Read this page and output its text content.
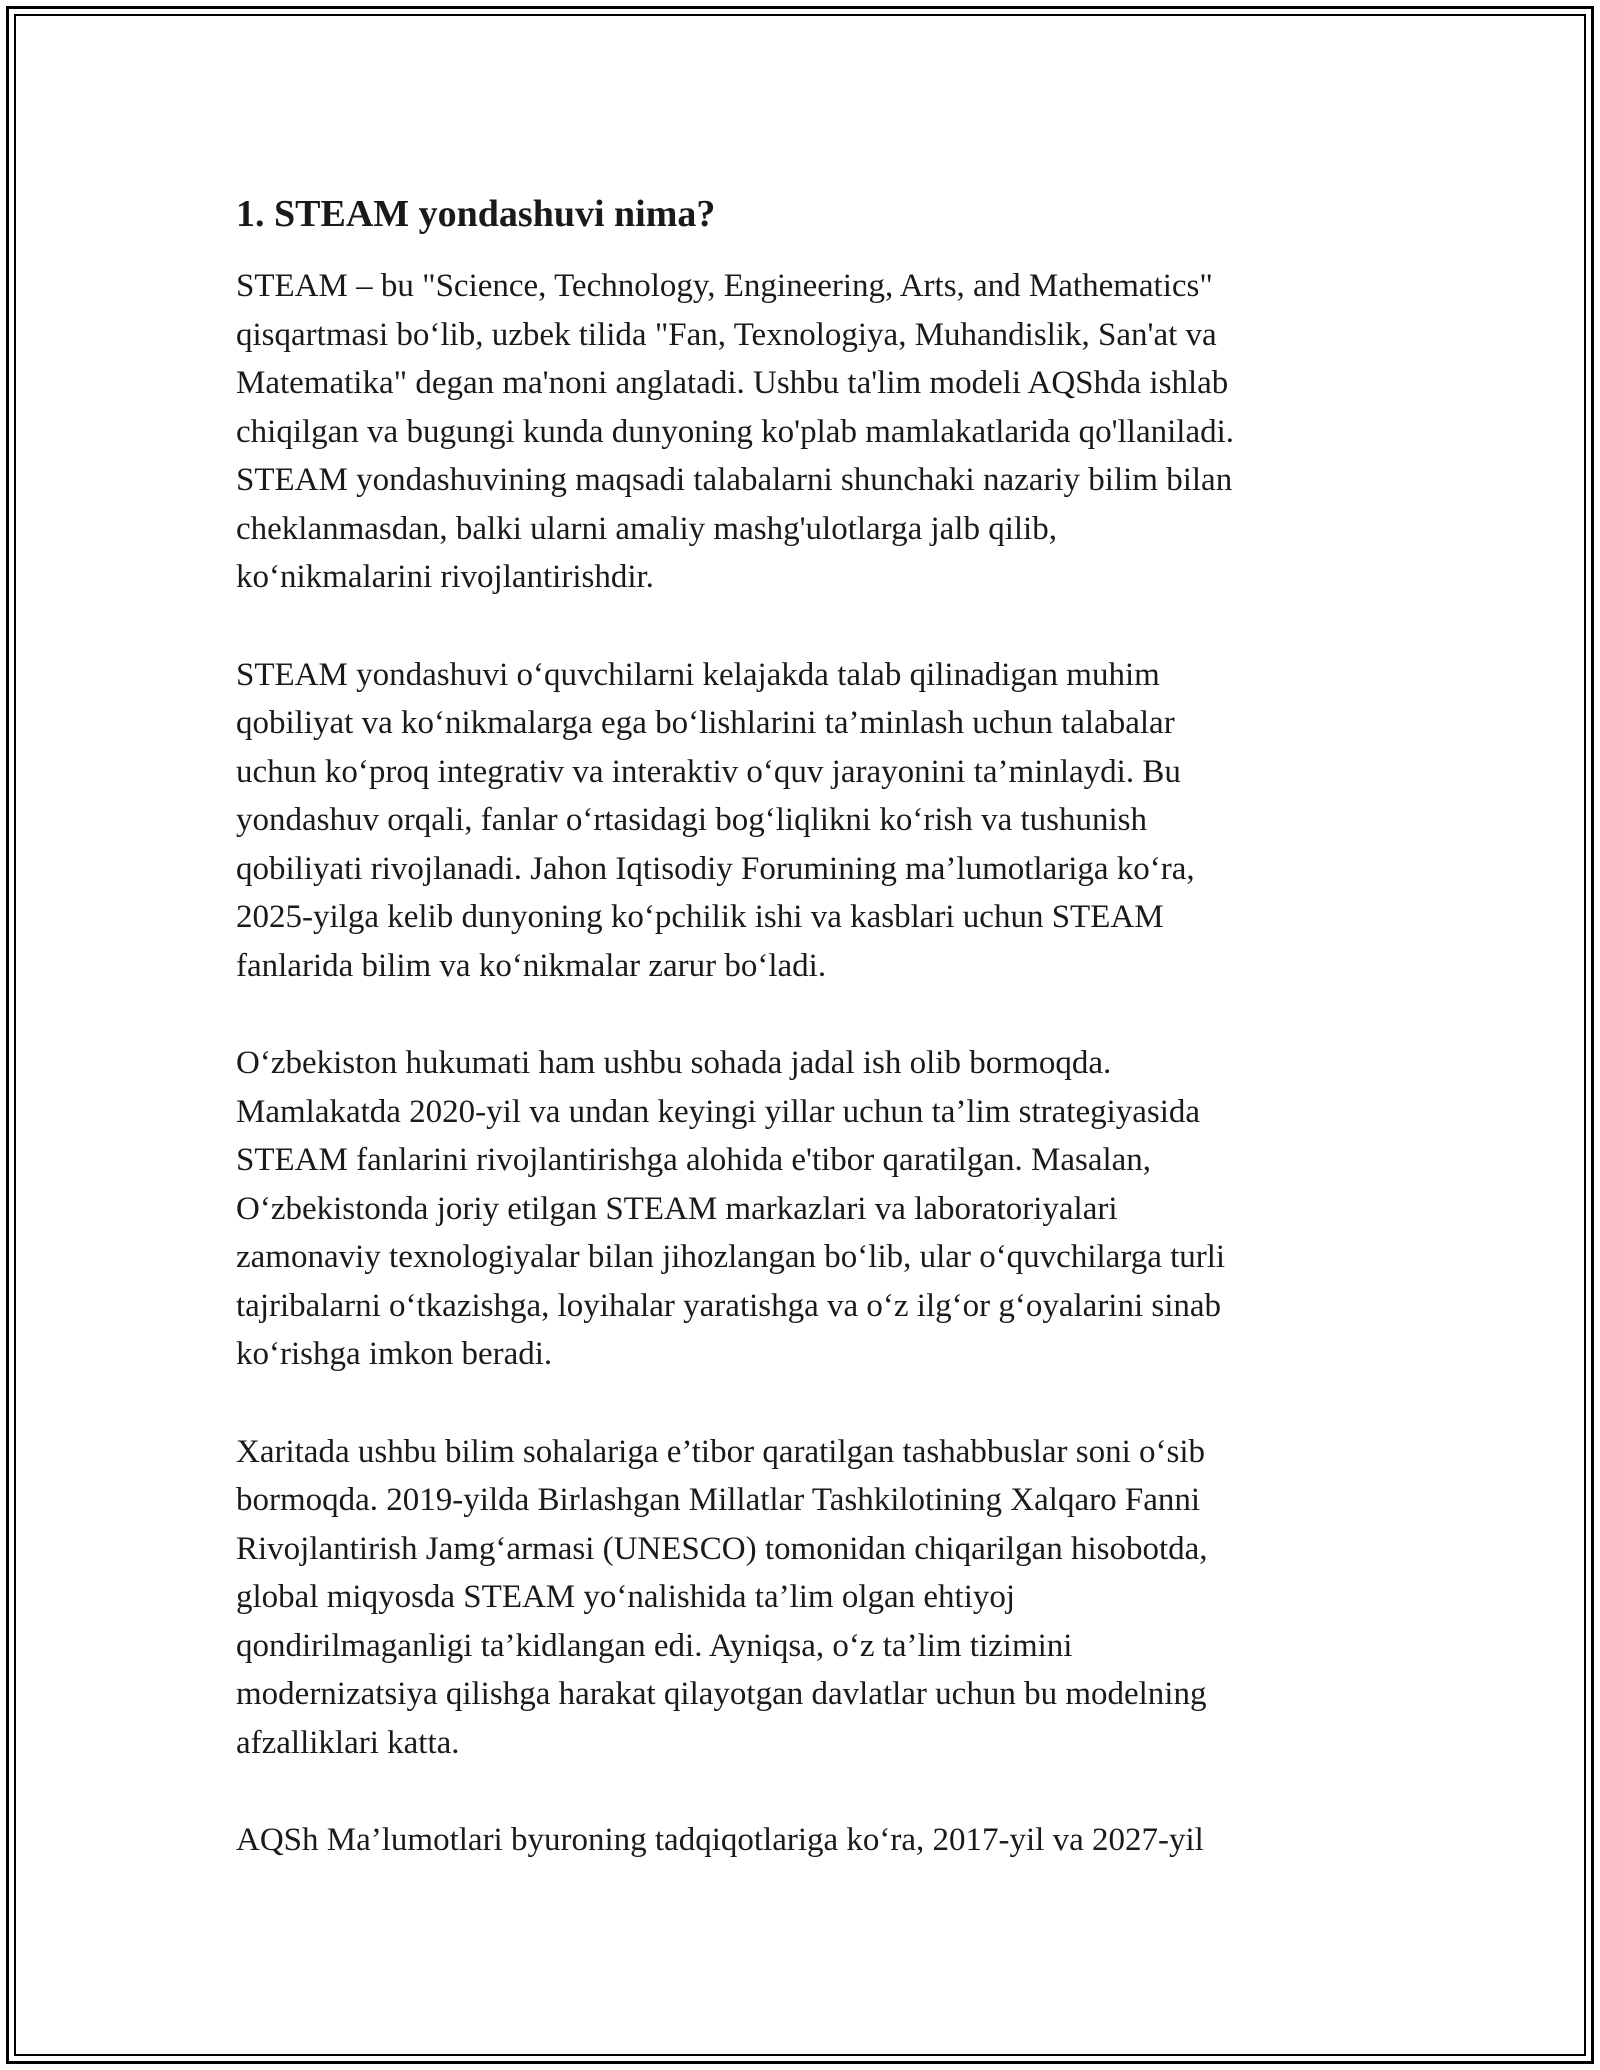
1. STEAM yondashuvi nima?

STEAM – bu "Science, Technology, Engineering, Arts, and Mathematics"
qisqartmasi bo‘lib, uzbek tilida "Fan, Texnologiya, Muhandislik, San'at va
Matematika" degan ma'noni anglatadi. Ushbu ta'lim modeli AQShda ishlab
chiqilgan va bugungi kunda dunyoning ko'plab mamlakatlarida qo'llaniladi.
STEAM yondashuvining maqsadi talabalarni shunchaki nazariy bilim bilan
cheklanmasdan, balki ularni amaliy mashg'ulotlarga jalb qilib,
ko‘nikmalarini rivojlantirishdir.

STEAM yondashuvi o‘quvchilarni kelajakda talab qilinadigan muhim
qobiliyat va ko‘nikmalarga ega bo‘lishlarini ta’minlash uchun talabalar
uchun ko‘proq integrativ va interaktiv o‘quv jarayonini ta’minlaydi. Bu
yondashuv orqali, fanlar o‘rtasidagi bog‘liqlikni ko‘rish va tushunish
qobiliyati rivojlanadi. Jahon Iqtisodiy Forumining ma’lumotlariga ko‘ra,
2025-yilga kelib dunyoning ko‘pchilik ishi va kasblari uchun STEAM
fanlarida bilim va ko‘nikmalar zarur bo‘ladi.

O‘zbekiston hukumati ham ushbu sohada jadal ish olib bormoqda.
Mamlakatda 2020-yil va undan keyingi yillar uchun ta’lim strategiyasida
STEAM fanlarini rivojlantirishga alohida e'tibor qaratilgan. Masalan,
O‘zbekistonda joriy etilgan STEAM markazlari va laboratoriyalari
zamonaviy texnologiyalar bilan jihozlangan bo‘lib, ular o‘quvchilarga turli
tajribalarni o‘tkazishga, loyihalar yaratishga va o‘z ilg‘or g‘oyalarini sinab
ko‘rishga imkon beradi.

Xaritada ushbu bilim sohalariga e’tibor qaratilgan tashabbuslar soni o‘sib
bormoqda. 2019-yilda Birlashgan Millatlar Tashkilotining Xalqaro Fanni
Rivojlantirish Jamg‘armasi (UNESCO) tomonidan chiqarilgan hisobotda,
global miqyosda STEAM yo‘nalishida ta’lim olgan ehtiyoj
qondirilmaganligi ta’kidlangan edi. Ayniqsa, o‘z ta’lim tizimini
modernizatsiya qilishga harakat qilayotgan davlatlar uchun bu modelning
afzalliklari katta.

AQSh Ma’lumotlari byuroning tadqiqotlariga ko‘ra, 2017-yil va 2027-yil
